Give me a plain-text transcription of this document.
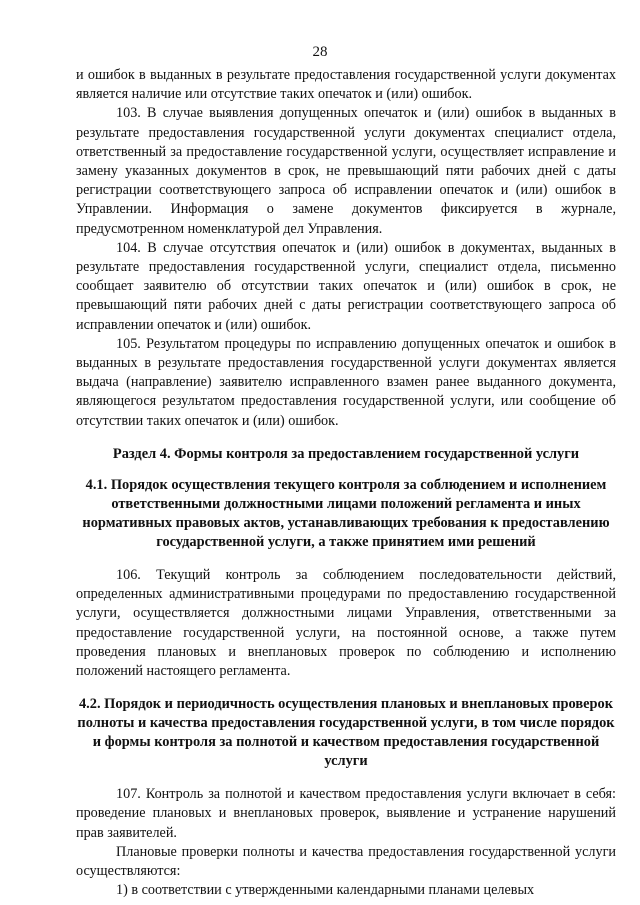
28

и ошибок в выданных в результате предоставления государственной услуги документах является наличие или отсутствие таких опечаток и (или) ошибок.

103. В случае выявления допущенных опечаток и (или) ошибок в выданных в результате предоставления государственной услуги документах специалист отдела, ответственный за предоставление государственной услуги, осуществляет исправление и замену указанных документов в срок, не превышающий пяти рабочих дней с даты регистрации соответствующего запроса об исправлении опечаток и (или) ошибок в Управлении. Информация о замене документов фиксируется в журнале, предусмотренном номенклатурой дел Управления.

104. В случае отсутствия опечаток и (или) ошибок в документах, выданных в результате предоставления государственной услуги, специалист отдела, письменно сообщает заявителю об отсутствии таких опечаток и (или) ошибок в срок, не превышающий пяти рабочих дней с даты регистрации соответствующего запроса об исправлении опечаток и (или) ошибок.

105. Результатом процедуры по исправлению допущенных опечаток и ошибок в выданных в результате предоставления государственной услуги документах является выдача (направление) заявителю исправленного взамен ранее выданного документа, являющегося результатом предоставления государственной услуги, или сообщение об отсутствии таких опечаток и (или) ошибок.

Раздел 4. Формы контроля за предоставлением государственной услуги
4.1. Порядок осуществления текущего контроля за соблюдением и исполнением ответственными должностными лицами положений регламента и иных нормативных правовых актов, устанавливающих требования к предоставлению государственной услуги, а также принятием ими решений

106. Текущий контроль за соблюдением последовательности действий, определенных административными процедурами по предоставлению государственной услуги, осуществляется должностными лицами Управления, ответственными за предоставление государственной услуги, на постоянной основе, а также путем проведения плановых и внеплановых проверок по соблюдению и исполнению положений настоящего регламента.

4.2. Порядок и периодичность осуществления плановых и внеплановых проверок полноты и качества предоставления государственной услуги, в том числе порядок и формы контроля за полнотой и качеством предоставления государственной услуги

107. Контроль за полнотой и качеством предоставления услуги включает в себя: проведение плановых и внеплановых проверок, выявление и устранение нарушений прав заявителей.

Плановые проверки полноты и качества предоставления государственной услуги осуществляются:

1) в соответствии с утвержденными календарными планами целевых
